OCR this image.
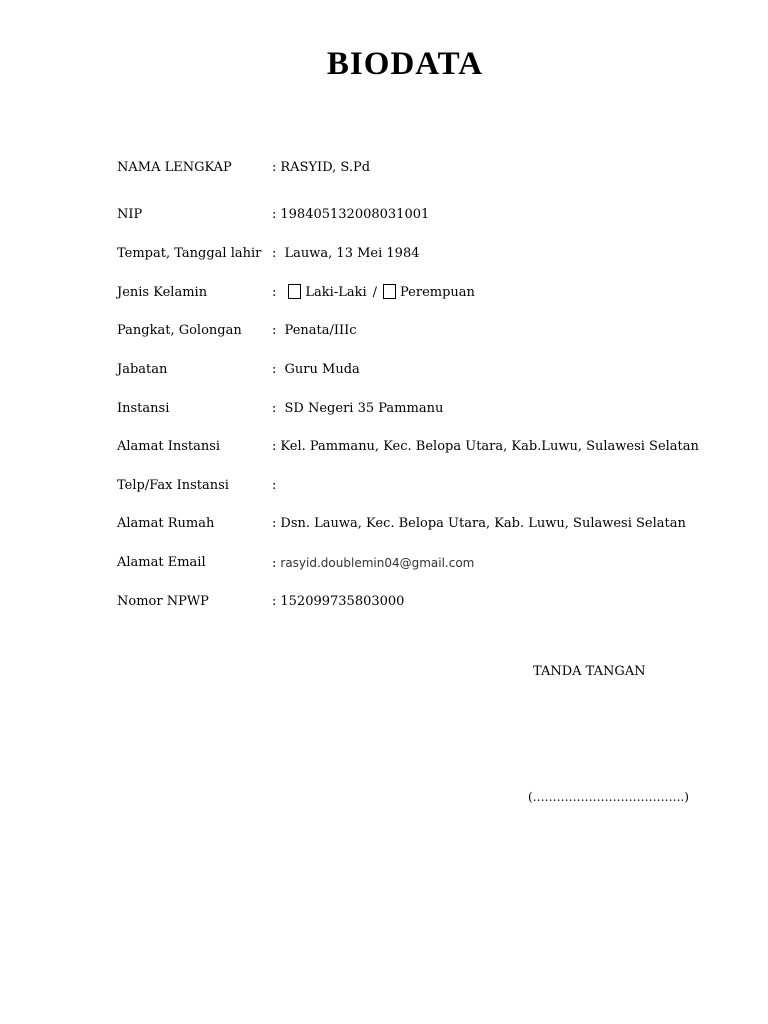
BIODATA
NAMA LENGKAP	: RASYID, S.Pd
NIP	: 198405132008031001
Tempat, Tanggal lahir : Lauwa, 13 Mei 1984
Jenis Kelamin	: Laki-Laki / Perempuan
Pangkat, Golongan : Penata/IIIc
Jabatan	: Guru Muda
Instansi	: SD Negeri 35 Pammanu
Alamat Instansi	: Kel. Pammanu, Kec. Belopa Utara, Kab.Luwu, Sulawesi Selatan
Telp/Fax Instansi	:
Alamat Rumah	: Dsn. Lauwa, Kec. Belopa Utara, Kab. Luwu, Sulawesi Selatan
Alamat Email	: rasyid.doublemin04@gmail.com
Nomor NPWP	: 152099735803000
TANDA TANGAN
(………………………………..)
